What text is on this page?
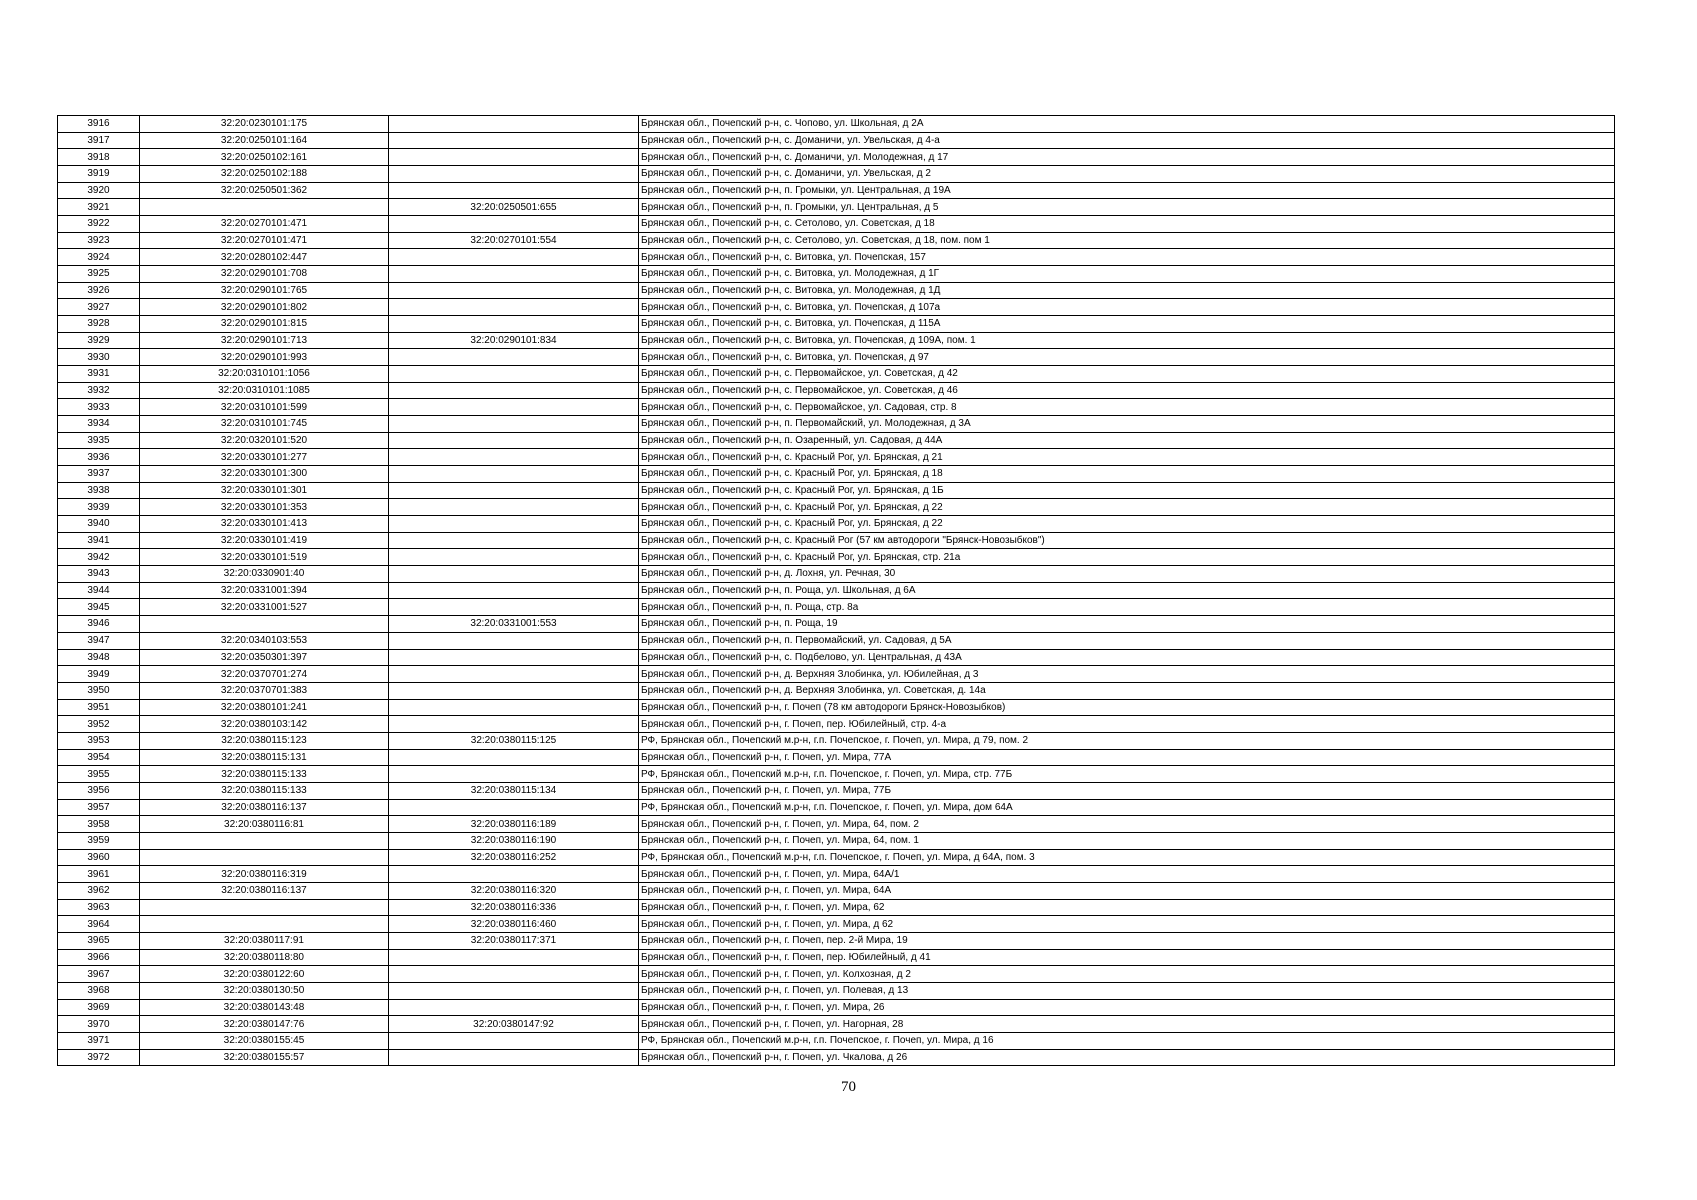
3916	32:20:0230101:175		Брянская обл., Почепский р-н, с. Чопово, ул. Школьная, д 2А
3917	32:20:0250101:164		Брянская обл., Почепский р-н, с. Доманичи, ул. Увельская, д 4-а
3918	32:20:0250102:161		Брянская обл., Почепский р-н, с. Доманичи, ул. Молодежная, д 17
3919	32:20:0250102:188		Брянская обл., Почепский р-н, с. Доманичи, ул. Увельская, д 2
3920	32:20:0250501:362		Брянская обл., Почепский р-н, п. Громыки, ул. Центральная, д 19А
3921		32:20:0250501:655	Брянская обл., Почепский р-н, п. Громыки, ул. Центральная, д 5
3922	32:20:0270101:471		Брянская обл., Почепский р-н, с. Сетолово, ул. Советская, д 18
3923	32:20:0270101:471	32:20:0270101:554	Брянская обл., Почепский р-н, с. Сетолово, ул. Советская, д 18, пом. пом 1
3924	32:20:0280102:447		Брянская обл., Почепский р-н, с. Витовка, ул. Почепская, 157
3925	32:20:0290101:708		Брянская обл., Почепский р-н, с. Витовка, ул. Молодежная, д 1Г
3926	32:20:0290101:765		Брянская обл., Почепский р-н, с. Витовка, ул. Молодежная, д 1Д
3927	32:20:0290101:802		Брянская обл., Почепский р-н, с. Витовка, ул. Почепская, д 107а
3928	32:20:0290101:815		Брянская обл., Почепский р-н, с. Витовка, ул. Почепская, д 115А
3929	32:20:0290101:713	32:20:0290101:834	Брянская обл., Почепский р-н, с. Витовка, ул. Почепская, д 109А, пом. 1
3930	32:20:0290101:993		Брянская обл., Почепский р-н, с. Витовка, ул. Почепская, д 97
3931	32:20:0310101:1056		Брянская обл., Почепский р-н, с. Первомайское, ул. Советская, д 42
3932	32:20:0310101:1085		Брянская обл., Почепский р-н, с. Первомайское, ул. Советская, д 46
3933	32:20:0310101:599		Брянская обл., Почепский р-н, с. Первомайское, ул. Садовая, стр. 8
3934	32:20:0310101:745		Брянская обл., Почепский р-н, п. Первомайский, ул. Молодежная, д 3А
3935	32:20:0320101:520		Брянская обл., Почепский р-н, п. Озаренный, ул. Садовая, д 44А
3936	32:20:0330101:277		Брянская обл., Почепский р-н, с. Красный Рог, ул. Брянская, д 21
3937	32:20:0330101:300		Брянская обл., Почепский р-н, с. Красный Рог, ул. Брянская, д 18
3938	32:20:0330101:301		Брянская обл., Почепский р-н, с. Красный Рог, ул. Брянская, д 1Б
3939	32:20:0330101:353		Брянская обл., Почепский р-н, с. Красный Рог, ул. Брянская, д 22
3940	32:20:0330101:413		Брянская обл., Почепский р-н, с. Красный Рог, ул. Брянская, д 22
3941	32:20:0330101:419		Брянская обл., Почепский р-н, с. Красный Рог (57 км автодороги "Брянск-Новозыбков")
3942	32:20:0330101:519		Брянская обл., Почепский р-н, с. Красный Рог, ул. Брянская, стр. 21а
3943	32:20:0330901:40		Брянская обл., Почепский р-н, д. Лохня, ул. Речная, 30
3944	32:20:0331001:394		Брянская обл., Почепский р-н, п. Роща, ул. Школьная, д 6А
3945	32:20:0331001:527		Брянская обл., Почепский р-н, п. Роща, стр. 8а
3946		32:20:0331001:553	Брянская обл., Почепский р-н, п. Роща, 19
3947	32:20:0340103:553		Брянская обл., Почепский р-н, п. Первомайский, ул. Садовая, д 5А
3948	32:20:0350301:397		Брянская обл., Почепский р-н, с. Подбелово, ул. Центральная, д 43А
3949	32:20:0370701:274		Брянская обл., Почепский р-н, д. Верхняя Злобинка, ул. Юбилейная, д 3
3950	32:20:0370701:383		Брянская обл., Почепский р-н, д. Верхняя Злобинка, ул. Советская, д. 14а
3951	32:20:0380101:241		Брянская обл., Почепский р-н, г. Почеп (78 км автодороги Брянск-Новозыбков)
3952	32:20:0380103:142		Брянская обл., Почепский р-н, г. Почеп, пер. Юбилейный, стр. 4-а
3953	32:20:0380115:123	32:20:0380115:125	РФ, Брянская обл., Почепский м.р-н, г.п. Почепское, г. Почеп, ул. Мира, д 79, пом. 2
3954	32:20:0380115:131		Брянская обл., Почепский р-н, г. Почеп, ул. Мира, 77А
3955	32:20:0380115:133		РФ, Брянская обл., Почепский м.р-н, г.п. Почепское, г. Почеп, ул. Мира, стр. 77Б
3956	32:20:0380115:133	32:20:0380115:134	Брянская обл., Почепский р-н, г. Почеп, ул. Мира, 77Б
3957	32:20:0380116:137		РФ, Брянская обл., Почепский м.р-н, г.п. Почепское, г. Почеп, ул. Мира, дом 64А
3958	32:20:0380116:81	32:20:0380116:189	Брянская обл., Почепский р-н, г. Почеп, ул. Мира, 64, пом. 2
3959		32:20:0380116:190	Брянская обл., Почепский р-н, г. Почеп, ул. Мира, 64, пом. 1
3960		32:20:0380116:252	РФ, Брянская обл., Почепский м.р-н, г.п. Почепское, г. Почеп, ул. Мира, д 64А, пом. 3
3961	32:20:0380116:319		Брянская обл., Почепский р-н, г. Почеп, ул. Мира, 64А/1
3962	32:20:0380116:137	32:20:0380116:320	Брянская обл., Почепский р-н, г. Почеп, ул. Мира, 64А
3963		32:20:0380116:336	Брянская обл., Почепский р-н, г. Почеп, ул. Мира, 62
3964		32:20:0380116:460	Брянская обл., Почепский р-н, г. Почеп, ул. Мира, д 62
3965	32:20:0380117:91	32:20:0380117:371	Брянская обл., Почепский р-н, г. Почеп, пер. 2-й Мира, 19
3966	32:20:0380118:80		Брянская обл., Почепский р-н, г. Почеп, пер. Юбилейный, д 41
3967	32:20:0380122:60		Брянская обл., Почепский р-н, г. Почеп, ул. Колхозная, д 2
3968	32:20:0380130:50		Брянская обл., Почепский р-н, г. Почеп, ул. Полевая, д 13
3969	32:20:0380143:48		Брянская обл., Почепский р-н, г. Почеп, ул. Мира, 26
3970	32:20:0380147:76	32:20:0380147:92	Брянская обл., Почепский р-н, г. Почеп, ул. Нагорная, 28
3971	32:20:0380155:45		РФ, Брянская обл., Почепский м.р-н, г.п. Почепское, г. Почеп, ул. Мира, д 16
3972	32:20:0380155:57		Брянская обл., Почепский р-н, г. Почеп, ул. Чкалова, д 26
70
